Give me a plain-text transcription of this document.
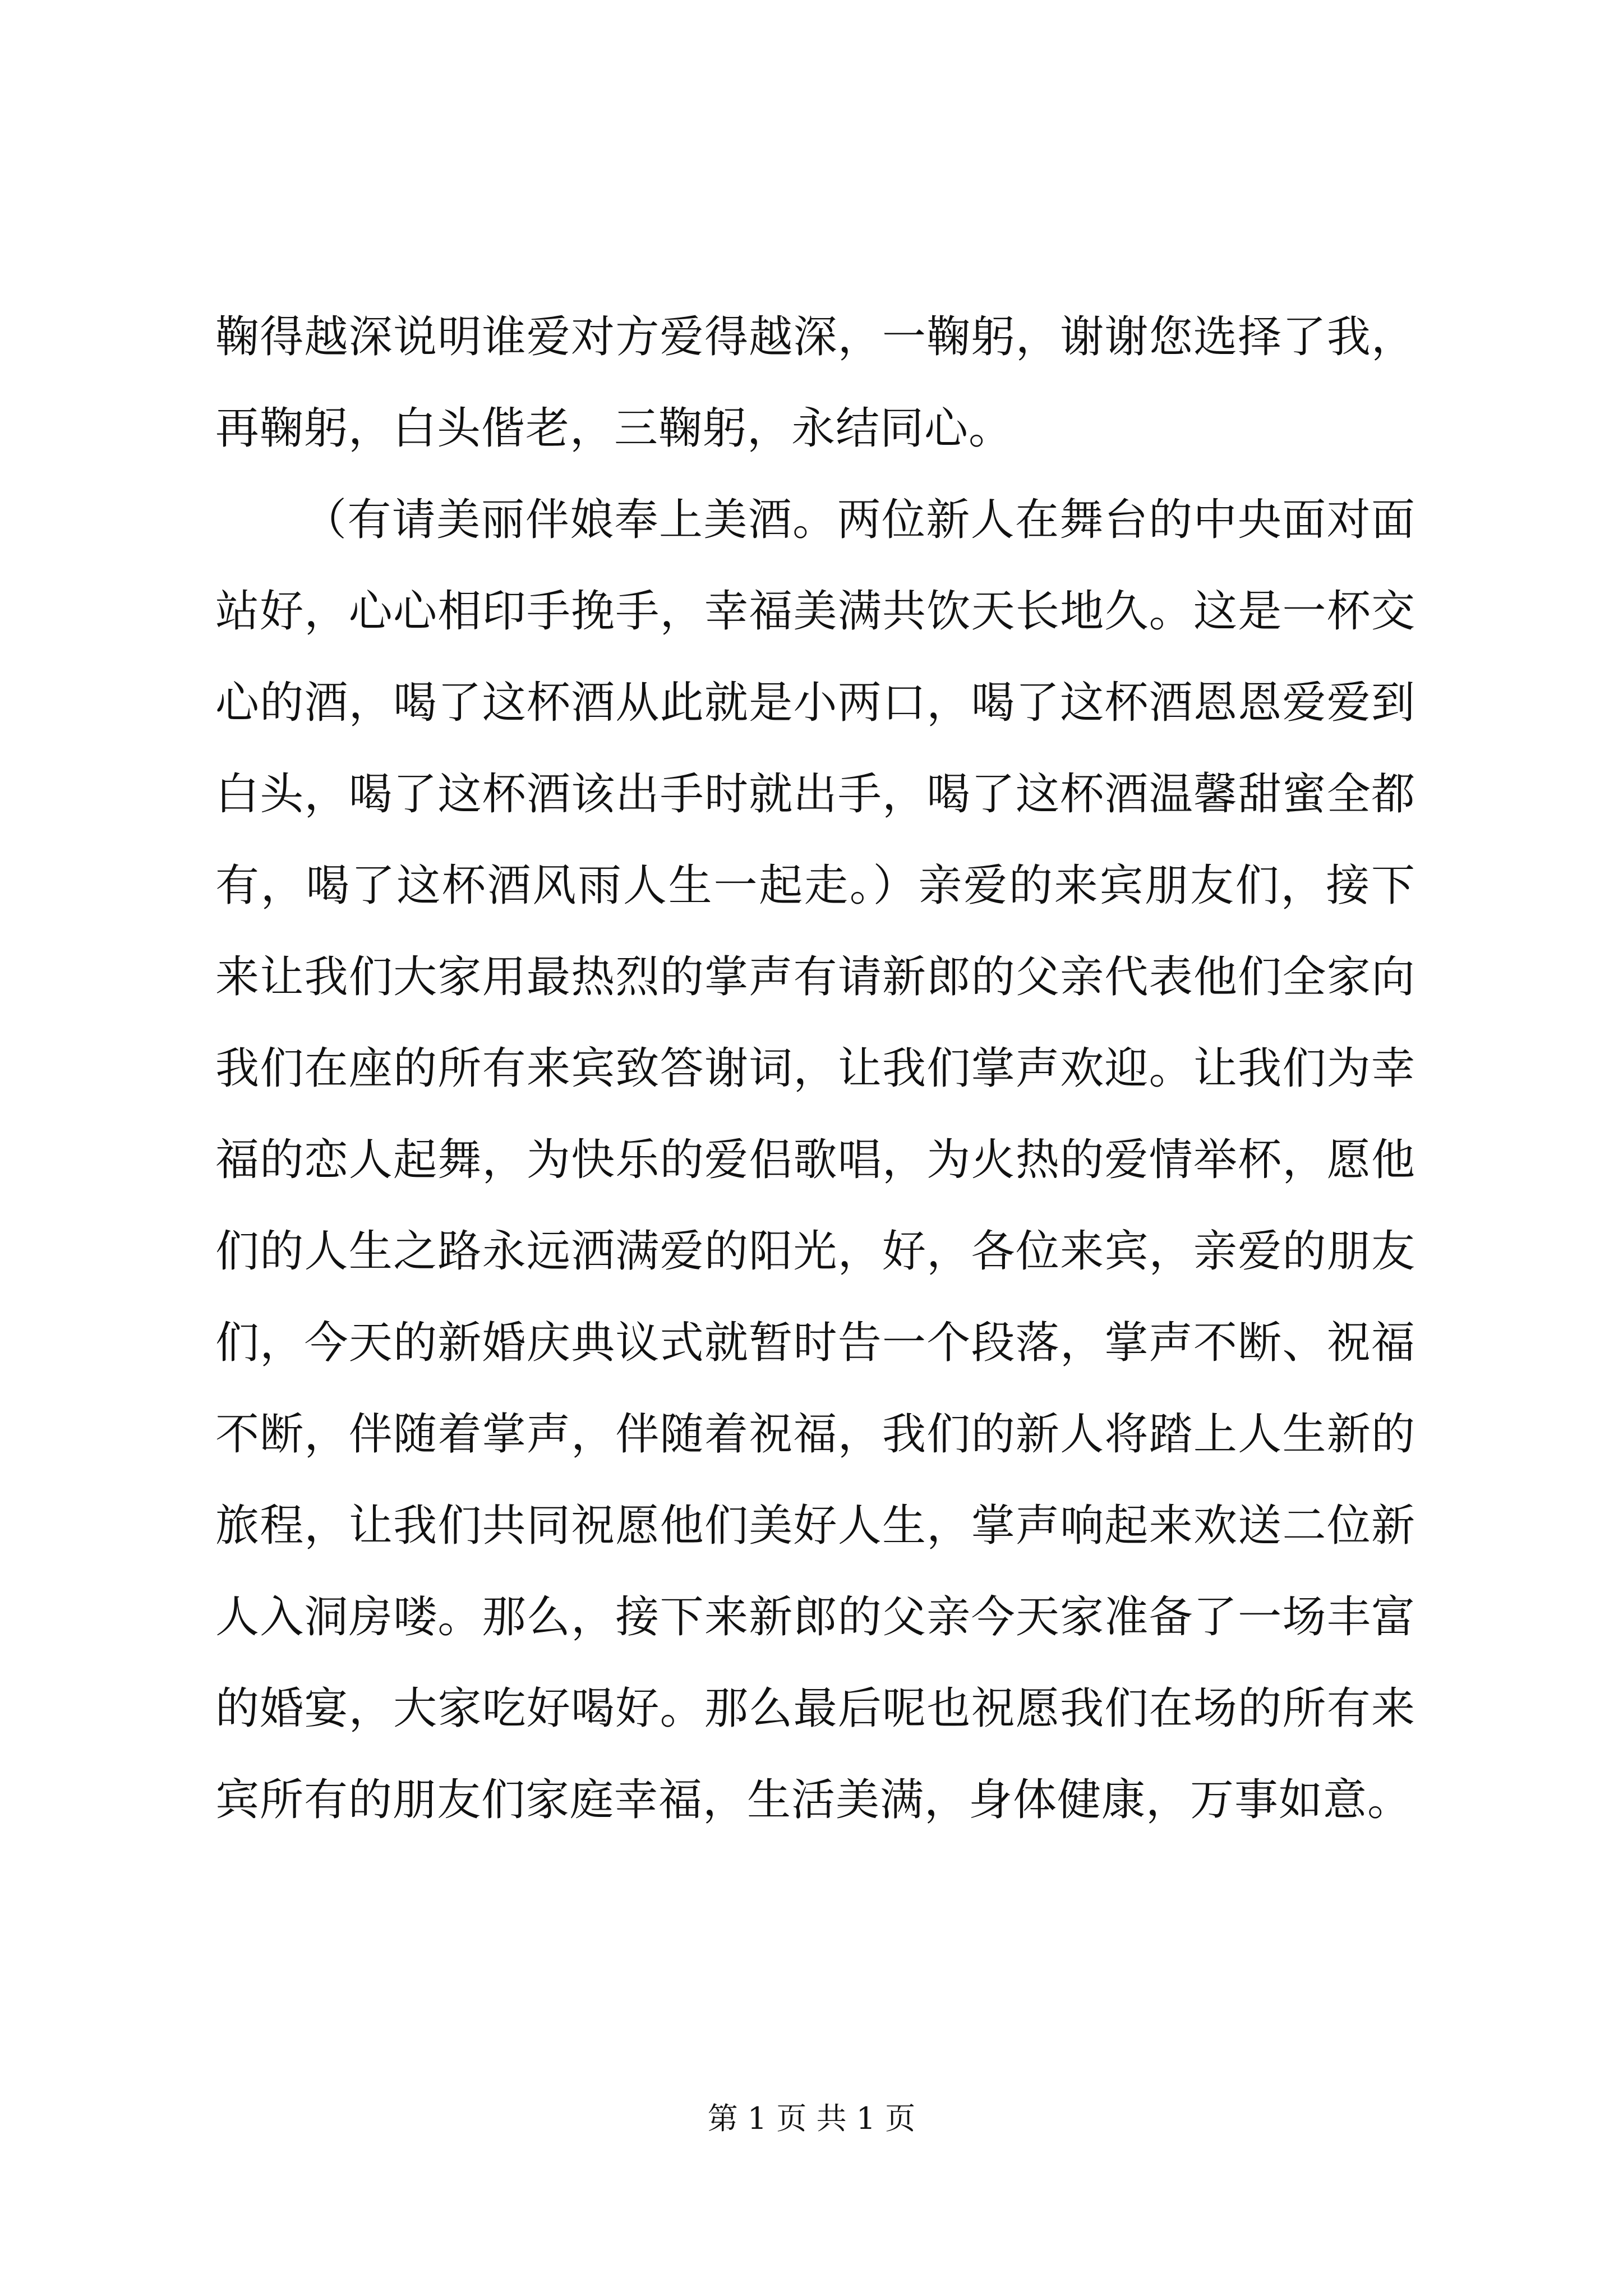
鞠得越深说明谁爱对方爱得越深，一鞠躬，谢谢您选择了我，再鞠躬，白头偕老，三鞠躬，永结同心。

（有请美丽伴娘奉上美酒。两位新人在舞台的中央面对面站好，心心相印手挽手，幸福美满共饮天长地久。这是一杯交心的酒，喝了这杯酒从此就是小两口，喝了这杯酒恩恩爱爱到白头，喝了这杯酒该出手时就出手，喝了这杯酒温馨甜蜜全都有，喝了这杯酒风雨人生一起走。）亲爱的来宾朋友们，接下来让我们大家用最热烈的掌声有请新郎的父亲代表他们全家向我们在座的所有来宾致答谢词，让我们掌声欢迎。让我们为幸福的恋人起舞，为快乐的爱侣歌唱，为火热的爱情举杯，愿他们的人生之路永远洒满爱的阳光，好，各位来宾，亲爱的朋友们，今天的新婚庆典议式就暂时告一个段落，掌声不断、祝福不断，伴随着掌声，伴随着祝福，我们的新人将踏上人生新的旅程，让我们共同祝愿他们美好人生，掌声响起来欢送二位新人入洞房喽。那么，接下来新郎的父亲今天家准备了一场丰富的婚宴，大家吃好喝好。那么最后呢也祝愿我们在场的所有来宾所有的朋友们家庭幸福，生活美满，身体健康，万事如意。

第 1 页 共 1 页
